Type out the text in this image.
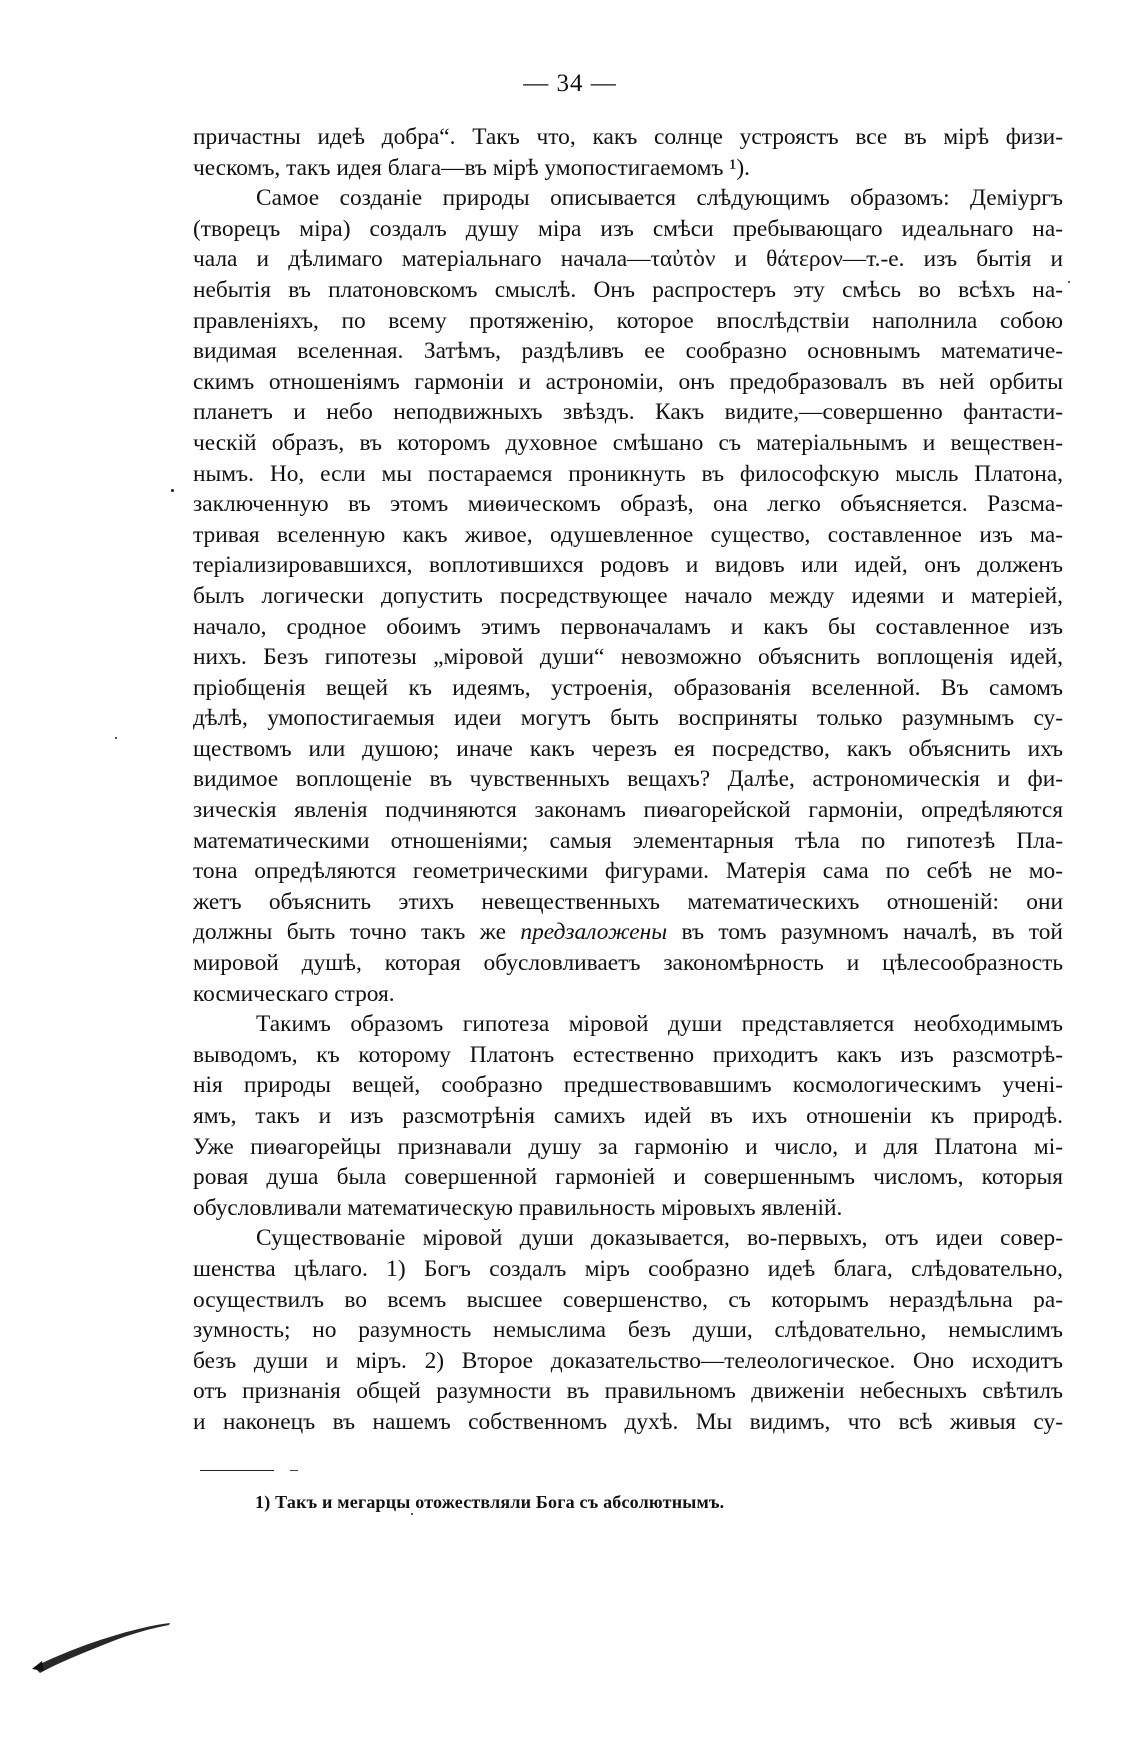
— 34 —

причастны идеѣ добра“. Такъ что, какъ солнце устроястъ все въ мірѣ физи-
ческомъ, такъ идея блага—въ мірѣ умопостигаемомъ ¹).

Самое созданіе природы описывается слѣдующимъ образомъ: Деміургъ
(творецъ міра) создалъ душу міра изъ смѣси пребывающаго идеальнаго на-
чала и дѣлимаго матеріальнаго начала—ταὐτὸν и θάτερον—т.-е. изъ бытія и
небытія въ платоновскомъ смыслѣ. Онъ распростеръ эту смѣсь во всѣхъ на-
правленіяхъ, по всему протяженію, которое впослѣдствіи наполнила собою
видимая вселенная. Затѣмъ, раздѣливъ ее сообразно основнымъ математиче-
скимъ отношеніямъ гармоніи и астрономіи, онъ предобразовалъ въ ней орбиты
планетъ и небо неподвижныхъ звѣздъ. Какъ видите,—совершенно фантасти-
ческій образъ, въ которомъ духовное смѣшано съ матеріальнымъ и веществен-
нымъ. Но, если мы постараемся проникнуть въ философскую мысль Платона,
заключенную въ этомъ миѳическомъ образѣ, она легко объясняется. Разсма-
тривая вселенную какъ живое, одушевленное существо, составленное изъ ма-
теріализировавшихся, воплотившихся родовъ и видовъ или идей, онъ долженъ
былъ логически допустить посредствующее начало между идеями и матеріей,
начало, сродное обоимъ этимъ первоначаламъ и какъ бы составленное изъ
нихъ. Безъ гипотезы „міровой души“ невозможно объяснить воплощенія идей,
пріобщенія вещей къ идеямъ, устроенія, образованія вселенной. Въ самомъ
дѣлѣ, умопостигаемыя идеи могутъ быть восприняты только разумнымъ су-
ществомъ или душою; иначе какъ черезъ ея посредство, какъ объяснить ихъ
видимое воплощеніе въ чувственныхъ вещахъ? Далѣе, астрономическія и фи-
зическія явленія подчиняются законамъ пиѳагорейской гармоніи, опредѣляются
математическими отношеніями; самыя элементарныя тѣла по гипотезѣ Пла-
тона опредѣляются геометрическими фигурами. Матерія сама по себѣ не мо-
жетъ объяснить этихъ невещественныхъ математическихъ отношеній: они
должны быть точно такъ же предзаложены въ томъ разумномъ началѣ, въ той
мировой душѣ, которая обусловливаетъ закономѣрность и цѣлесообразность
космическаго строя.

Такимъ образомъ гипотеза міровой души представляется необходимымъ
выводомъ, къ которому Платонъ естественно приходитъ какъ изъ разсмотрѣ-
нія природы вещей, сообразно предшествовавшимъ космологическимъ ученi-
ямъ, такъ и изъ разсмотрѣнія самихъ идей въ ихъ отношеніи къ природѣ.
Уже пиѳагорейцы признавали душу за гармонію и число, и для Платона мі-
ровая душа была совершенной гармоніей и совершеннымъ числомъ, которыя
обусловливали математическую правильность міровыхъ явленій.

Существованіе міровой души доказывается, во-первыхъ, отъ идеи совер-
шенства цѣлаго. 1) Богъ создалъ міръ сообразно идеѣ блага, слѣдовательно,
осуществилъ во всемъ высшее совершенство, съ которымъ нераздѣльна ра-
зумность; но разумность немыслима безъ души, слѣдовательно, немыслимъ
безъ души и міръ. 2) Второе доказательство—телеологическое. Оно исходитъ
отъ признанія общей разумности въ правильномъ движеніи небесныхъ свѣтилъ
и наконецъ въ нашемъ собственномъ духѣ. Мы видимъ, что всѣ живыя су-

1) Такъ и мегарцы отожествляли Бога съ абсолютнымъ.
